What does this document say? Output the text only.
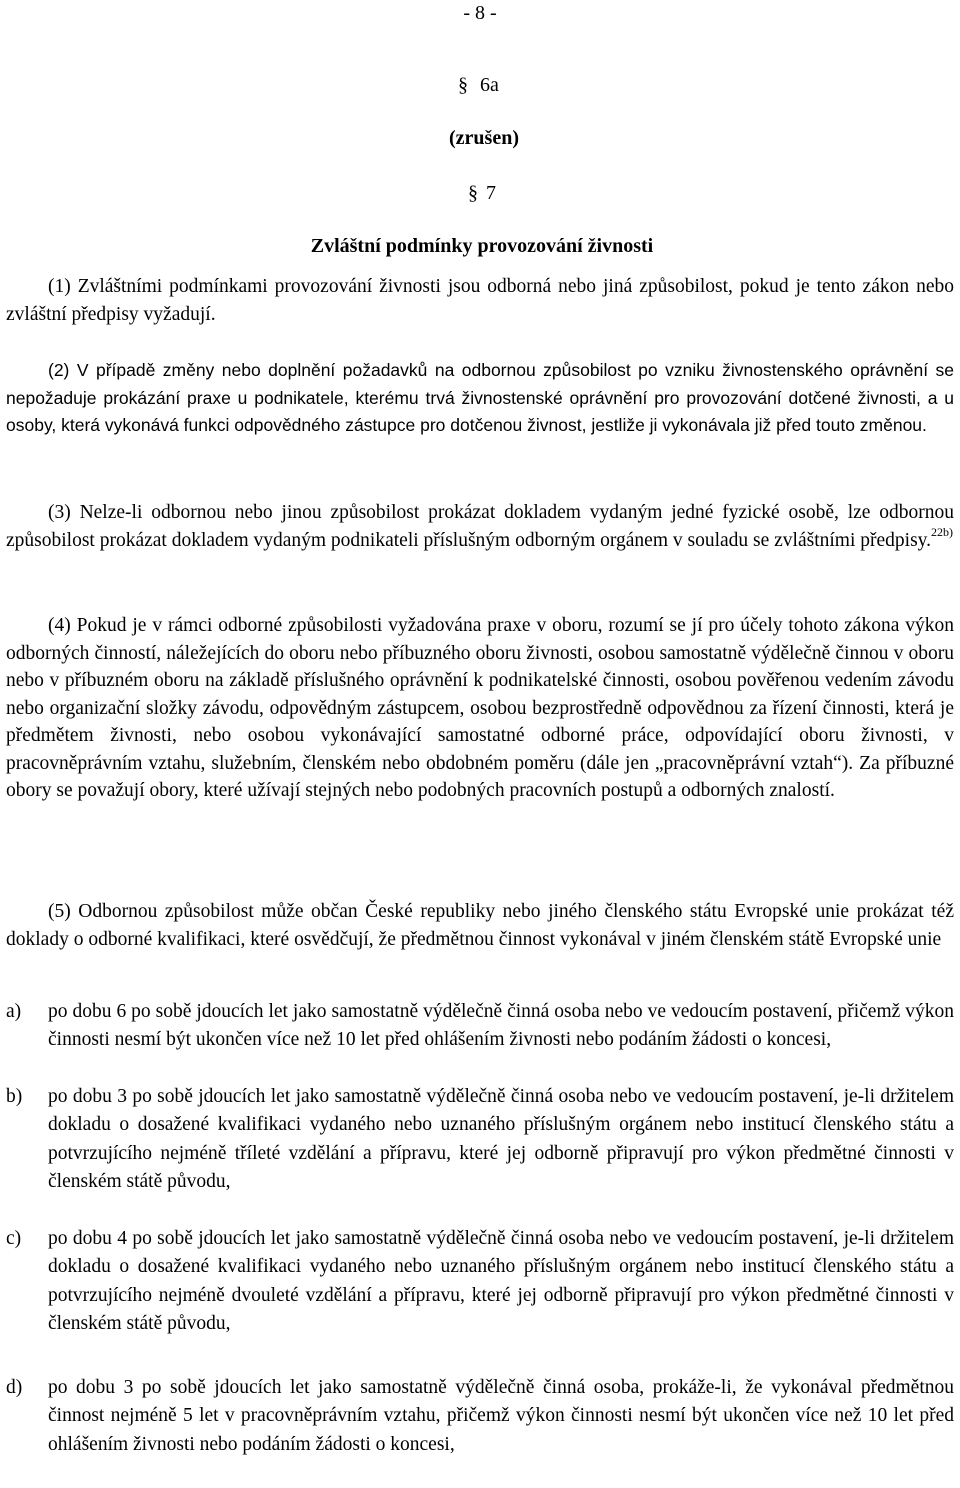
- 8 -
§ 6a
(zrušen)
§ 7
Zvláštní podmínky provozování živnosti

(1) Zvláštními podmínkami provozování živnosti jsou odborná nebo jiná způsobilost, pokud je tento zákon nebo zvláštní předpisy vyžadují.

(2) V případě změny nebo doplnění požadavků na odbornou způsobilost po vzniku živnostenského oprávnění se nepožaduje prokázání praxe u podnikatele, kterému trvá živnostenské oprávnění pro provozování dotčené živnosti, a u osoby, která vykonává funkci odpovědného zástupce pro dotčenou živnost, jestliže ji vykonávala již před touto změnou.

(3) Nelze-li odbornou nebo jinou způsobilost prokázat dokladem vydaným jedné fyzické osobě, lze odbornou způsobilost prokázat dokladem vydaným podnikateli příslušným odborným orgánem v souladu se zvláštními předpisy.$^{22b)}$

(4) Pokud je v rámci odborné způsobilosti vyžadována praxe v oboru, rozumí se jí pro účely tohoto zákona výkon odborných činností, náležejících do oboru nebo příbuzného oboru živnosti, osobou samostatně výdělečně činnou v oboru nebo v příbuzném oboru na základě příslušného oprávnění k podnikatelské činnosti, osobou pověřenou vedením závodu nebo organizační složky závodu, odpovědným zástupcem, osobou bezprostředně odpovědnou za řízení činnosti, která je předmětem živnosti, nebo osobou vykonávající samostatné odborné práce, odpovídající oboru živnosti, v pracovněprávním vztahu, služebním, členském nebo obdobném poměru (dále jen „pracovněprávní vztah“). Za příbuzné obory se považují obory, které užívají stejných nebo podobných pracovních postupů a odborných znalostí.

(5) Odbornou způsobilost může občan České republiky nebo jiného členského státu Evropské unie prokázat též doklady o odborné kvalifikaci, které osvědčují, že předmětnou činnost vykonával v jiném členském státě Evropské unie

a) po dobu 6 po sobě jdoucích let jako samostatně výdělečně činná osoba nebo ve vedoucím postavení, přičemž výkon činnosti nesmí být ukončen více než 10 let před ohlášením živnosti nebo podáním žádosti o koncesi,
b) po dobu 3 po sobě jdoucích let jako samostatně výdělečně činná osoba nebo ve vedoucím postavení, je-li držitelem dokladu o dosažené kvalifikaci vydaného nebo uznaného příslušným orgánem nebo institucí členského státu a potvrzujícího nejméně tříleté vzdělání a přípravu, které jej odborně připravují pro výkon předmětné činnosti v členském státě původu,
c) po dobu 4 po sobě jdoucích let jako samostatně výdělečně činná osoba nebo ve vedoucím postavení, je-li držitelem dokladu o dosažené kvalifikaci vydaného nebo uznaného příslušným orgánem nebo institucí členského státu a potvrzujícího nejméně dvouleté vzdělání a přípravu, které jej odborně připravují pro výkon předmětné činnosti v členském státě původu,
d) po dobu 3 po sobě jdoucích let jako samostatně výdělečně činná osoba, prokáže-li, že vykonával předmětnou činnost nejméně 5 let v pracovněprávním vztahu, přičemž výkon činnosti nesmí být ukončen více než 10 let před ohlášením živnosti nebo podáním žádosti o koncesi,
